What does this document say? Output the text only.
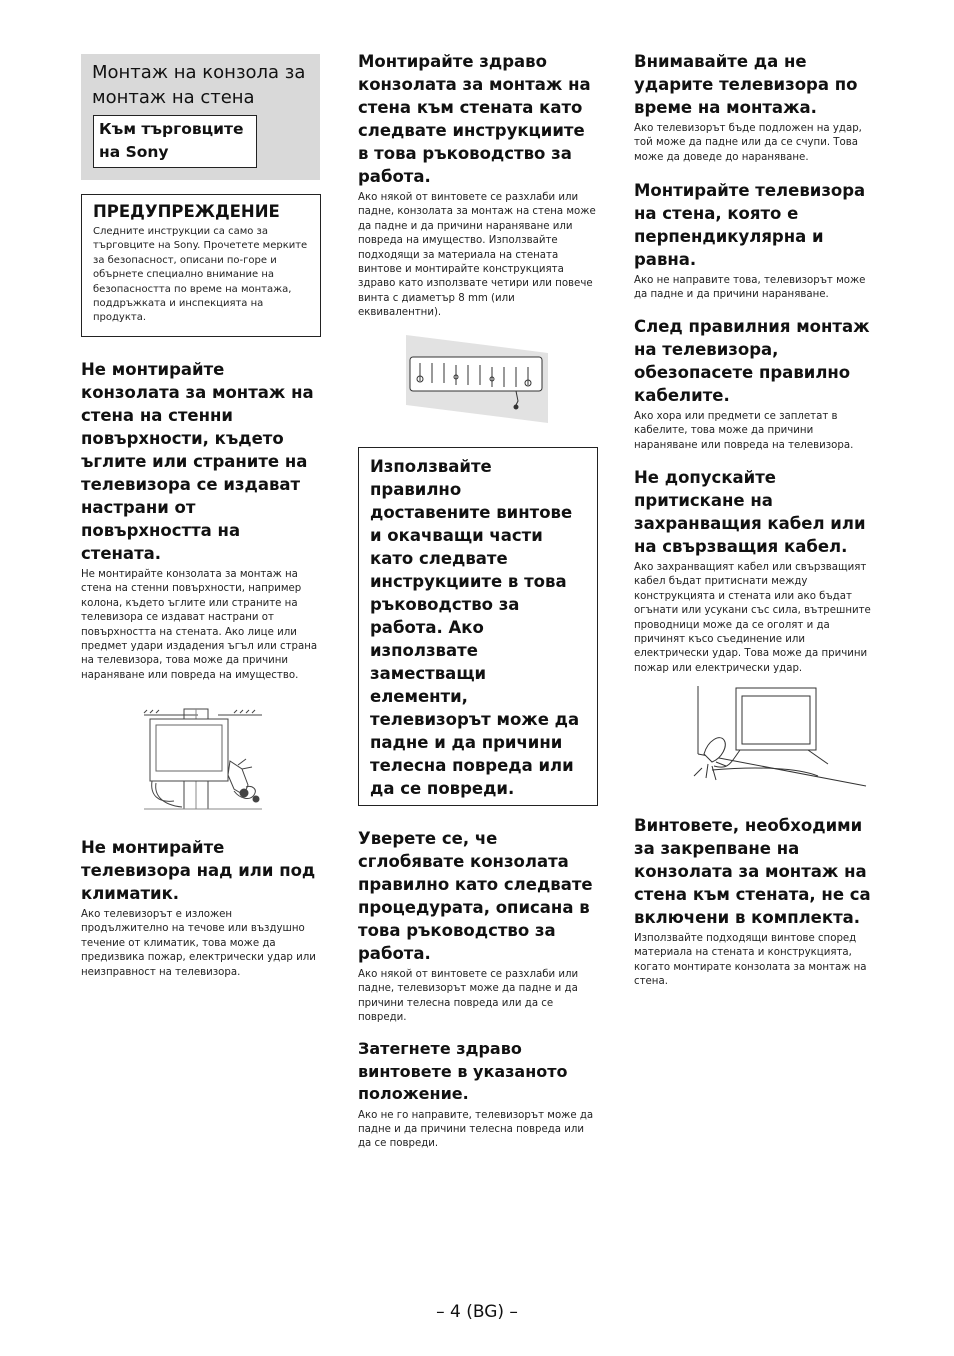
Монтаж на конзола за монтаж на стена
Към търговците на Sony

ПРЕДУПРЕЖДЕНИЕ

Следните инструкции са само за търговците на Sony. Прочетете мерките за безопасност, описани по-горе и обърнете специално внимание на безопасността по време на монтажа, поддръжката и инспекцията на продукта.

Не монтирайте конзолата за монтаж на стена на стенни повърхности, където ъглите или страните на телевизора се издават настрани от повърхността на стената.

Не монтирайте конзолата за монтаж на стена на стенни повърхности, например колона, където ъглите или страните на телевизора се издават настрани от повърхността на стената. Ако лице или предмет удари издадения ъгъл или страна на телевизора, това може да причини нараняване или повреда на имущество.

Не монтирайте телевизора над или под климатик.

Ако телевизорът е изложен продължително на течове или въздушно течение от климатик, това може да предизвика пожар, електрически удар или неизправност на телевизора.

Монтирайте здраво конзолата за монтаж на стена към стената като следвате инструкциите в това ръководство за работа.

Ако някой от винтовете се разхлаби или падне, конзолата за монтаж на стена може да падне и да причини нараняване или повреда на имущество. Използвайте подходящи за материала на стената винтове и монтирайте конструкцията здраво като използвате четири или повече винта с диаметър 8 mm (или еквивалентни).

Използвайте правилно доставените винтове и окачващи части като следвате инструкциите в това ръководство за работа. Ако използвате заместващи елементи, телевизорът може да падне и да причини телесна повреда или да се повреди.

Уверете се, че сглобявате конзолата правилно като следвате процедурата, описана в това ръководство за работа.

Ако някой от винтовете се разхлаби или падне, телевизорът може да падне и да причини телесна повреда или да се повреди.

Затегнете здраво винтовете в указаното положение.

Ако не го направите, телевизорът може да падне и да причини телесна повреда или да се повреди.

Внимавайте да не ударите телевизора по време на монтажа.

Ако телевизорът бъде подложен на удар, той може да падне или да се счупи. Това може да доведе до нараняване.

Монтирайте телевизора на стена, която е перпендикулярна и равна.

Ако не направите това, телевизорът може да падне и да причини нараняване.

След правилния монтаж на телевизора, обезопасете правилно кабелите.

Ако хора или предмети се заплетат в кабелите, това може да причини нараняване или повреда на телевизора.

Не допускайте притискане на захранващия кабел или на свързващия кабел.

Ако захранващият кабел или свързващият кабел бъдат притиснати между конструкцията и стената или ако бъдат огънати или усукани със сила, вътрешните проводници може да се оголят и да причинят късо съединение или електрически удар. Това може да причини пожар или електрически удар.

Винтовете, необходими за закрепване на конзолата за монтаж на стена към стената, не са включени в комплекта.

Използвайте подходящи винтове според материала на стената и конструкцията, когато монтирате конзолата за монтаж на стена.

– 4 (BG) –
